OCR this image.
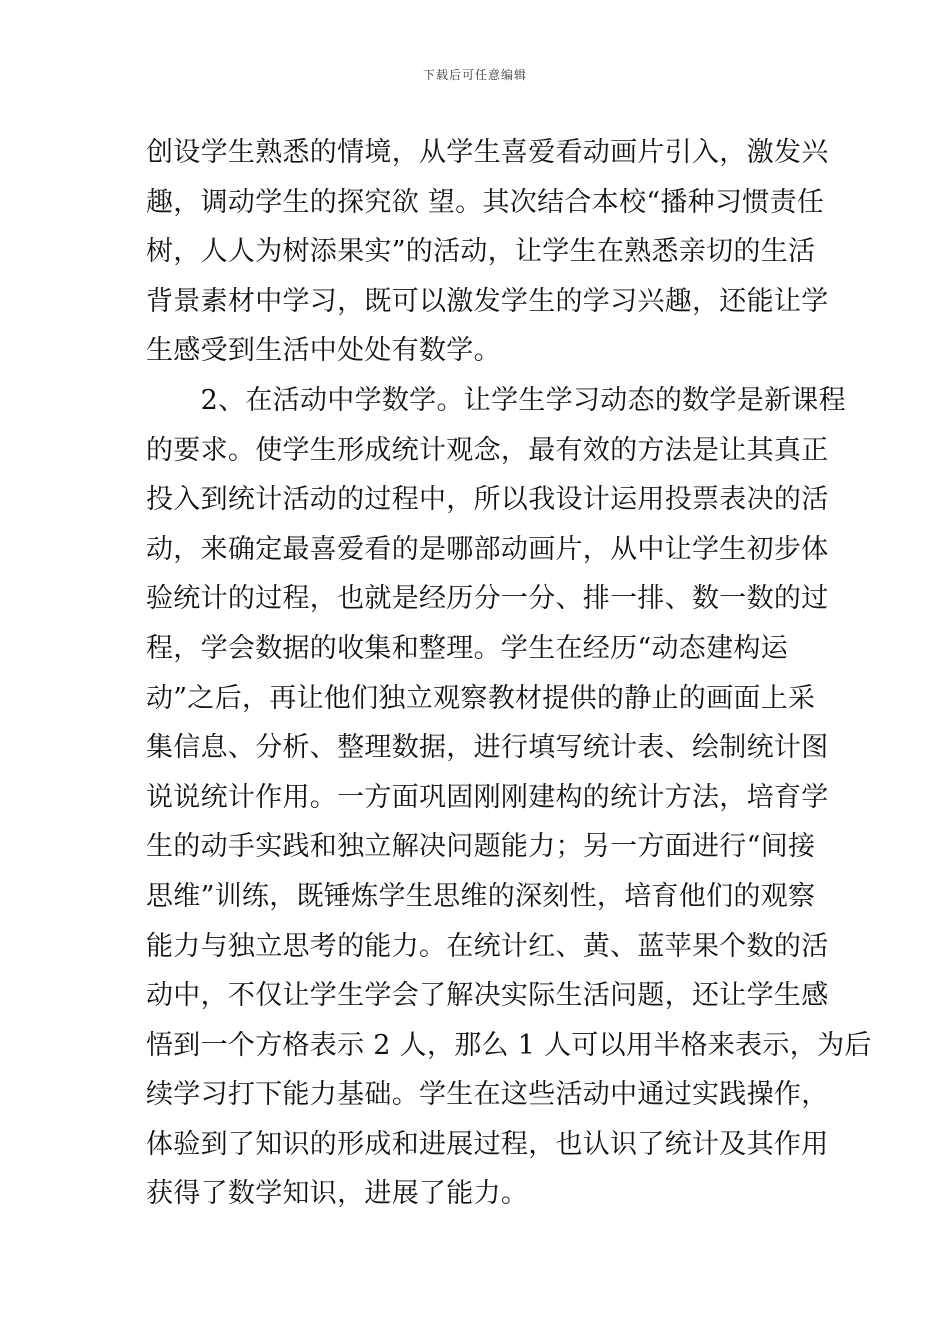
下载后可任意编辑
创设学生熟悉的情境，从学生喜爱看动画片引入，激发兴
趣，调动学生的探究欲 望。其次结合本校“播种习惯责任
树，人人为树添果实”的活动，让学生在熟悉亲切的生活
背景素材中学习，既可以激发学生的学习兴趣，还能让学
生感受到生活中处处有数学。
　　2、在活动中学数学。让学生学习动态的数学是新课程
的要求。使学生形成统计观念，最有效的方法是让其真正
投入到统计活动的过程中，所以我设计运用投票表决的活
动，来确定最喜爱看的是哪部动画片，从中让学生初步体
验统计的过程，也就是经历分一分、排一排、数一数的过
程，学会数据的收集和整理。学生在经历“动态建构运
动”之后，再让他们独立观察教材提供的静止的画面上采
集信息、分析、整理数据，进行填写统计表、绘制统计图
说说统计作用。一方面巩固刚刚建构的统计方法，培育学
生的动手实践和独立解决问题能力；另一方面进行“间接
思维”训练，既锤炼学生思维的深刻性，培育他们的观察
能力与独立思考的能力。在统计红、黄、蓝苹果个数的活
动中，不仅让学生学会了解决实际生活问题，还让学生感
悟到一个方格表示 2 人，那么 1 人可以用半格来表示，为后
续学习打下能力基础。学生在这些活动中通过实践操作，
体验到了知识的形成和进展过程，也认识了统计及其作用
获得了数学知识，进展了能力。
